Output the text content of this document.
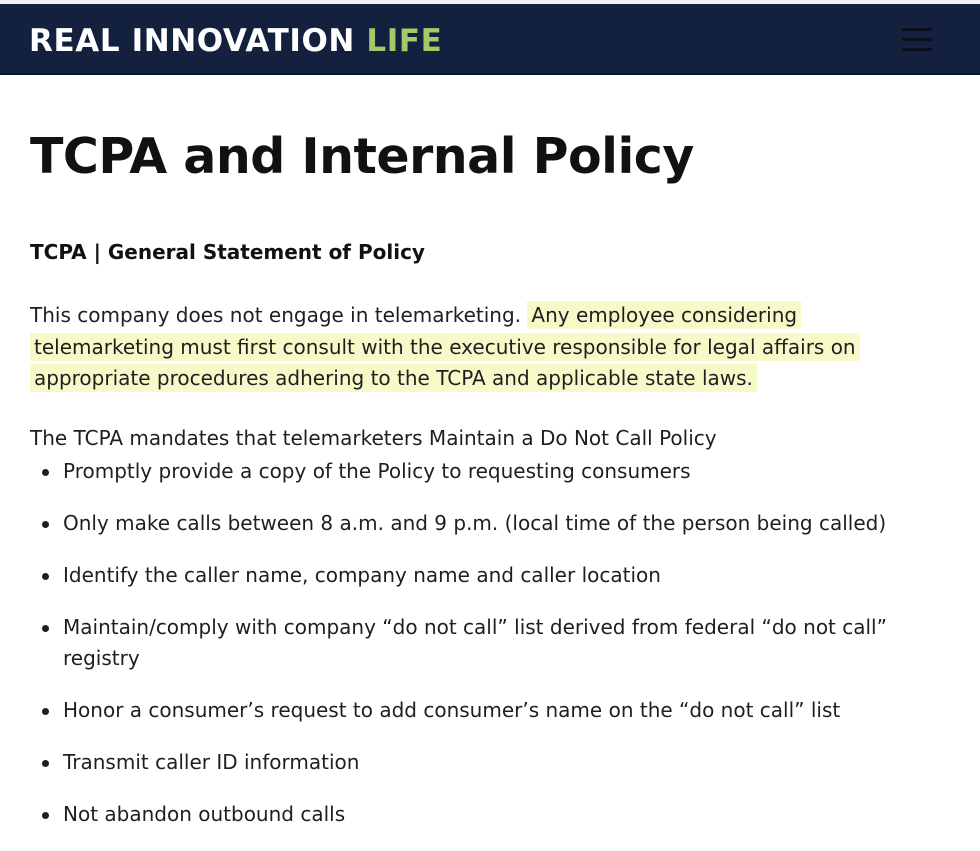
REAL INNOVATION LIFE
TCPA and Internal Policy
TCPA | General Statement of Policy

This company does not engage in telemarketing. Any employee considering telemarketing must first consult with the executive responsible for legal affairs on appropriate procedures adhering to the TCPA and applicable state laws.

The TCPA mandates that telemarketers Maintain a Do Not Call Policy

Promptly provide a copy of the Policy to requesting consumers
Only make calls between 8 a.m. and 9 p.m. (local time of the person being called)
Identify the caller name, company name and caller location
Maintain/comply with company “do not call” list derived from federal “do not call” registry
Honor a consumer’s request to add consumer’s name on the “do not call” list
Transmit caller ID information
Not abandon outbound calls
